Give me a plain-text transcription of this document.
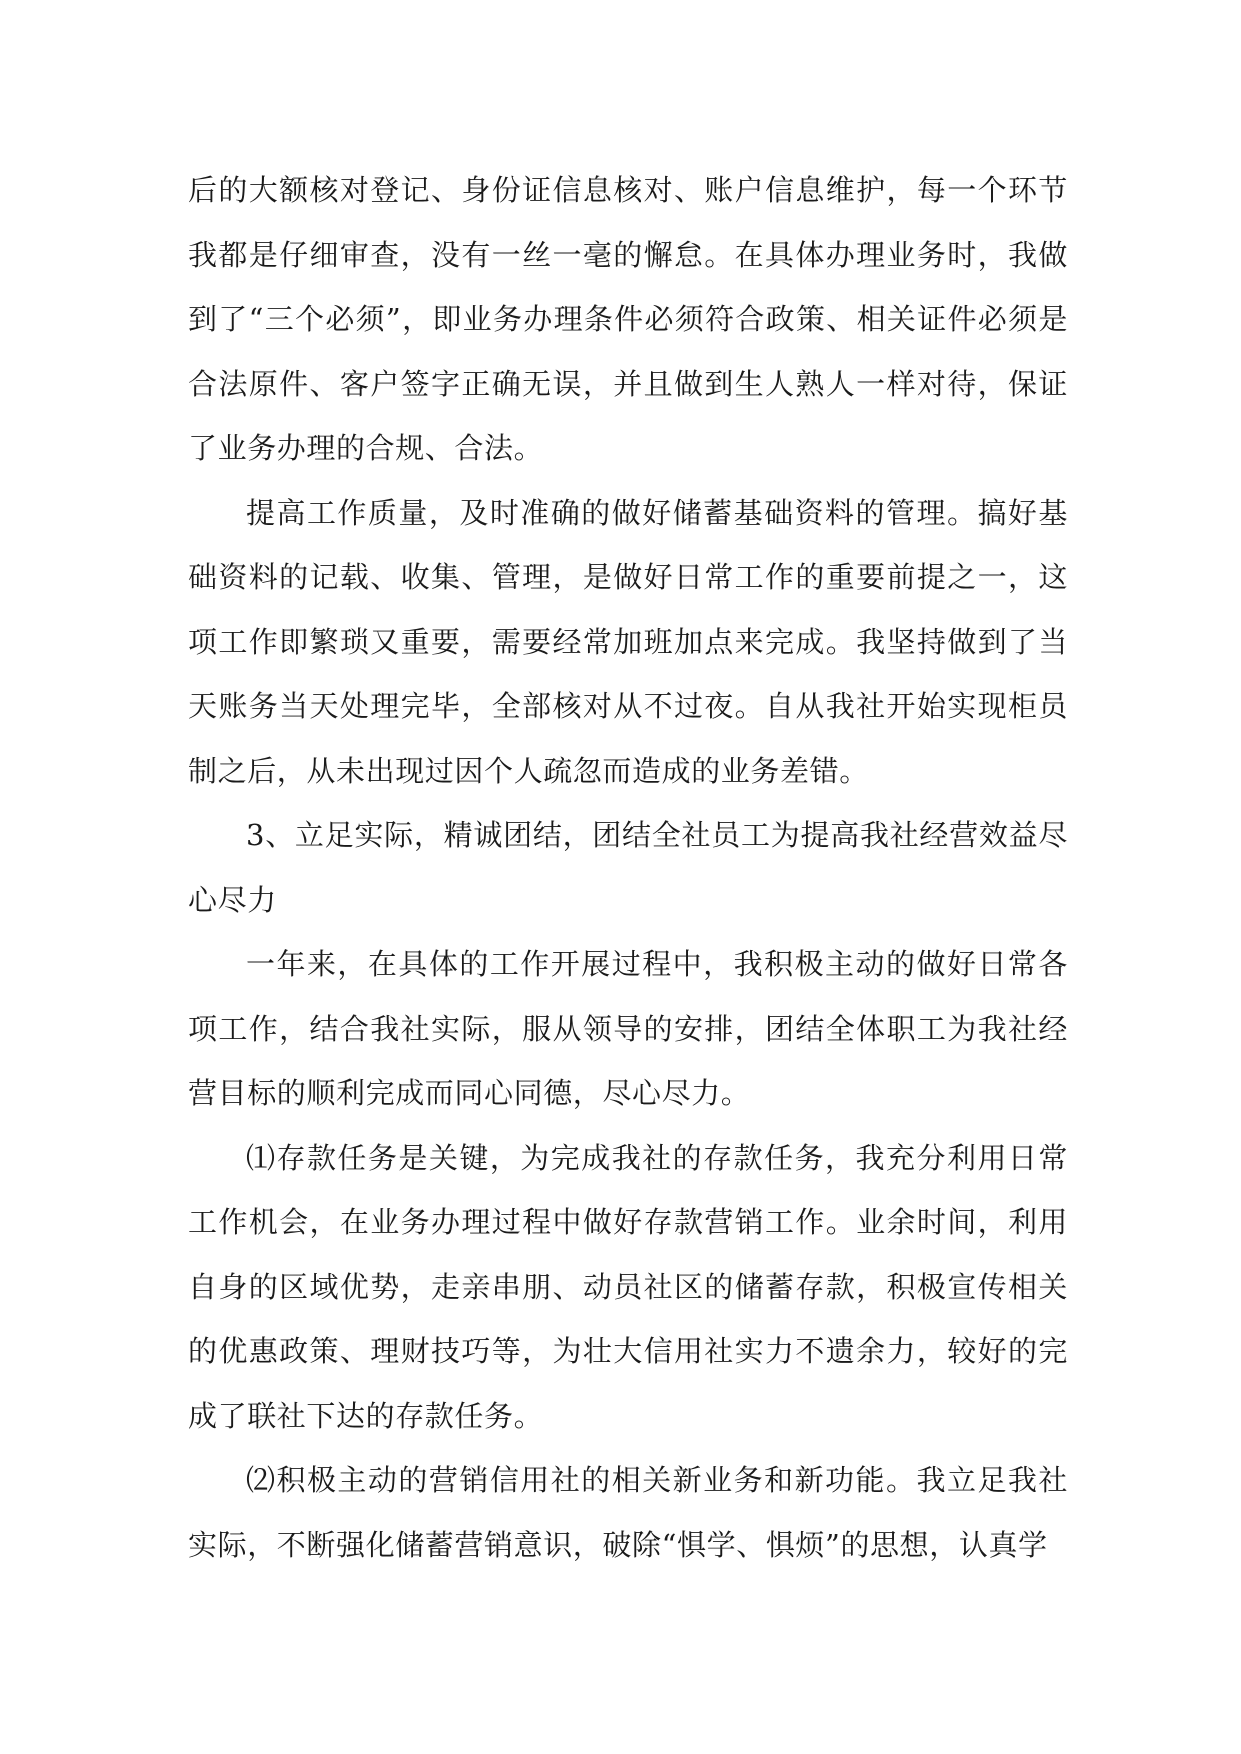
后的大额核对登记、身份证信息核对、账户信息维护，每一个环节我都是仔细审查，没有一丝一毫的懈怠。在具体办理业务时，我做到了“三个必须”，即业务办理条件必须符合政策、相关证件必须是合法原件、客户签字正确无误，并且做到生人熟人一样对待，保证了业务办理的合规、合法。

提高工作质量，及时准确的做好储蓄基础资料的管理。搞好基础资料的记载、收集、管理，是做好日常工作的重要前提之一，这项工作即繁琐又重要，需要经常加班加点来完成。我坚持做到了当天账务当天处理完毕，全部核对从不过夜。自从我社开始实现柜员制之后，从未出现过因个人疏忽而造成的业务差错。

3、立足实际，精诚团结，团结全社员工为提高我社经营效益尽心尽力

一年来，在具体的工作开展过程中，我积极主动的做好日常各项工作，结合我社实际，服从领导的安排，团结全体职工为我社经营目标的顺利完成而同心同德，尽心尽力。

⑴存款任务是关键，为完成我社的存款任务，我充分利用日常工作机会，在业务办理过程中做好存款营销工作。业余时间，利用自身的区域优势，走亲串朋、动员社区的储蓄存款，积极宣传相关的优惠政策、理财技巧等，为壮大信用社实力不遗余力，较好的完成了联社下达的存款任务。

⑵积极主动的营销信用社的相关新业务和新功能。我立足我社实际，不断强化储蓄营销意识，破除“惧学、惧烦”的思想，认真学
